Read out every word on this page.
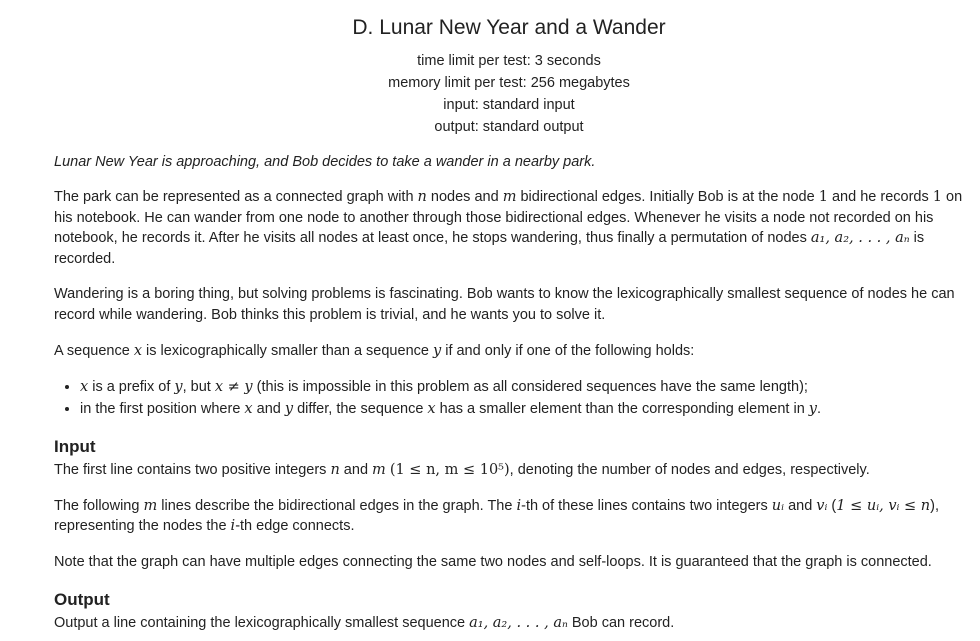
D. Lunar New Year and a Wander
time limit per test: 3 seconds
memory limit per test: 256 megabytes
input: standard input
output: standard output
Lunar New Year is approaching, and Bob decides to take a wander in a nearby park.

The park can be represented as a connected graph with n nodes and m bidirectional edges. Initially Bob is at the node 1 and he records 1 on his notebook. He can wander from one node to another through those bidirectional edges. Whenever he visits a node not recorded on his notebook, he records it. After he visits all nodes at least once, he stops wandering, thus finally a permutation of nodes a₁, a₂, . . . , aₙ is recorded.

Wandering is a boring thing, but solving problems is fascinating. Bob wants to know the lexicographically smallest sequence of nodes he can record while wandering. Bob thinks this problem is trivial, and he wants you to solve it.

A sequence x is lexicographically smaller than a sequence y if and only if one of the following holds:

• x is a prefix of y, but x ≠ y (this is impossible in this problem as all considered sequences have the same length);
• in the first position where x and y differ, the sequence x has a smaller element than the corresponding element in y.
Input

The first line contains two positive integers n and m (1 ≤ n, m ≤ 10⁵), denoting the number of nodes and edges, respectively.

The following m lines describe the bidirectional edges in the graph. The i-th of these lines contains two integers uᵢ and vᵢ (1 ≤ uᵢ, vᵢ ≤ n), representing the nodes the i-th edge connects.

Note that the graph can have multiple edges connecting the same two nodes and self-loops. It is guaranteed that the graph is connected.

Output

Output a line containing the lexicographically smallest sequence a₁, a₂, . . . , aₙ Bob can record.
